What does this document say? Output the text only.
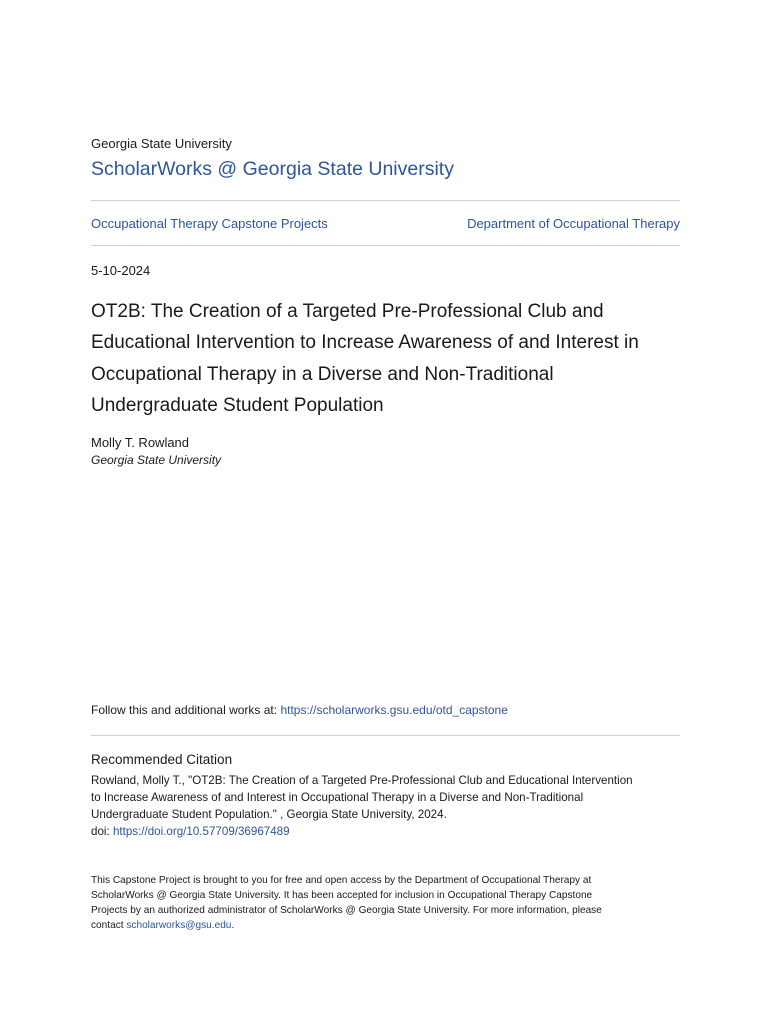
Georgia State University
ScholarWorks @ Georgia State University
Occupational Therapy Capstone Projects	Department of Occupational Therapy
5-10-2024
OT2B: The Creation of a Targeted Pre-Professional Club and
Educational Intervention to Increase Awareness of and Interest in
Occupational Therapy in a Diverse and Non-Traditional
Undergraduate Student Population
Molly T. Rowland
Georgia State University
Follow this and additional works at: https://scholarworks.gsu.edu/otd_capstone
Recommended Citation
Rowland, Molly T., "OT2B: The Creation of a Targeted Pre-Professional Club and Educational Intervention
to Increase Awareness of and Interest in Occupational Therapy in a Diverse and Non-Traditional
Undergraduate Student Population." , Georgia State University, 2024.
doi: https://doi.org/10.57709/36967489
This Capstone Project is brought to you for free and open access by the Department of Occupational Therapy at
ScholarWorks @ Georgia State University. It has been accepted for inclusion in Occupational Therapy Capstone
Projects by an authorized administrator of ScholarWorks @ Georgia State University. For more information, please
contact scholarworks@gsu.edu.
